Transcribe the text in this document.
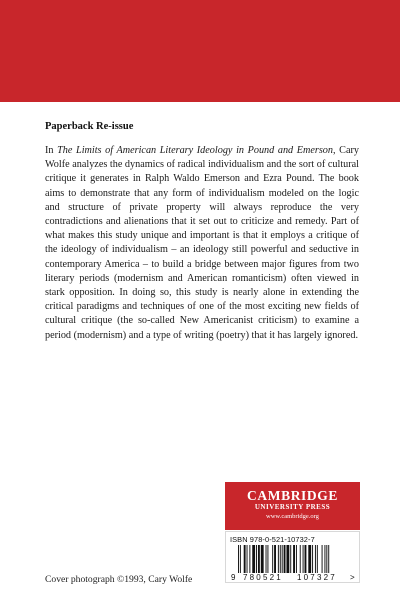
Paperback Re-issue
In The Limits of American Literary Ideology in Pound and Emerson, Cary Wolfe analyzes the dynamics of radical individualism and the sort of cultural critique it generates in Ralph Waldo Emerson and Ezra Pound. The book aims to demonstrate that any form of individualism modeled on the logic and structure of private property will always reproduce the very contradictions and alienations that it set out to criticize and remedy. Part of what makes this study unique and important is that it employs a critique of the ideology of individualism – an ideology still powerful and seductive in contemporary America – to build a bridge between major figures from two literary periods (modernism and American romanticism) often viewed in stark opposition. In doing so, this study is nearly alone in extending the critical paradigms and techniques of one of the most exciting new fields of cultural critique (the so-called New Americanist criticism) to examine a period (modernism) and a type of writing (poetry) that it has largely ignored.
Cover photograph ©1993, Cary Wolfe
CAMBRIDGE
UNIVERSITY PRESS
www.cambridge.org
ISBN 978-0-521-10732-7
9 780521 107327 >
